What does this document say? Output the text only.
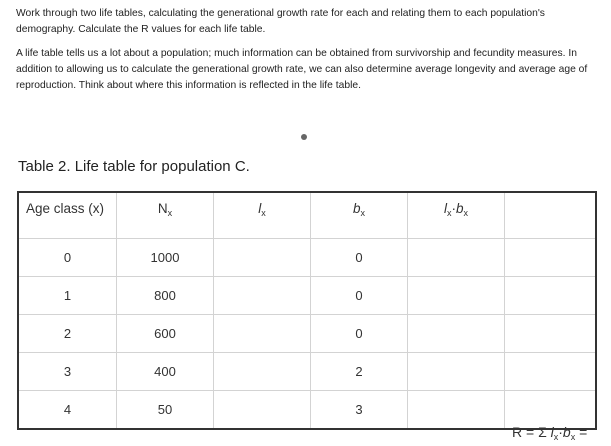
Work through two life tables, calculating the generational growth rate for each and relating them to each population's demography. Calculate the R values for each life table.

A life table tells us a lot about a population; much information can be obtained from survivorship and fecundity measures. In addition to allowing us to calculate the generational growth rate, we can also determine average longevity and average age of reproduction. Think about where this information is reflected in the life table.

Table 2. Life table for population C.
Age class (x)	$N_x$	$l_x$	$b_x$	$l_x\cdot b_x$	
0	1000		0		
1	800		0		
2	600		0		
3	400		2		
4	50		3		
R = Σ $l_x\cdot b_x$ =
